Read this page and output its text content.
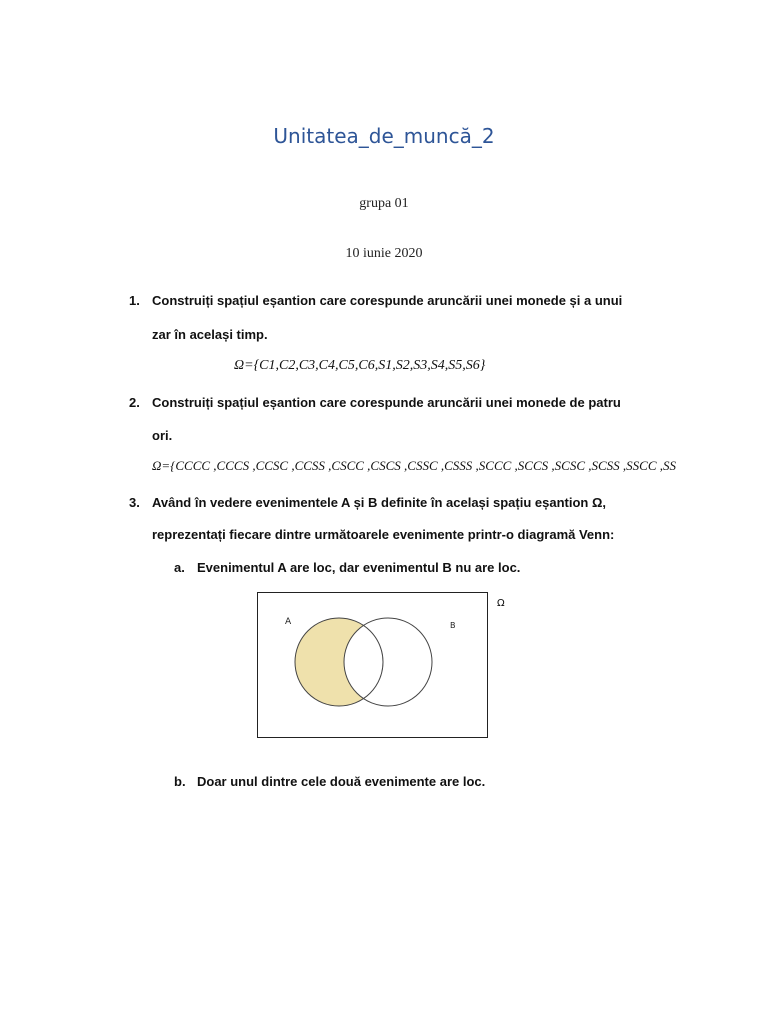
Unitatea_de_muncă_2
grupa 01
10 iunie 2020
1. Construiți spațiul eșantion care corespunde aruncării unei monede și a unui
zar în același timp.
Ω={C1,C2,C3,C4,C5,C6,S1,S2,S3,S4,S5,S6}
2. Construiți spațiul eșantion care corespunde aruncării unei monede de patru
ori.
Ω={CCCC ,CCCS ,CCSC ,CCSS ,CSCC ,CSCS ,CSSC ,CSSS ,SCCC ,SCCS ,SCSC ,SCSS ,SSCC ,SS
3. Având în vedere evenimentele A și B definite în același spațiu eșantion Ω,
reprezentați fiecare dintre următoarele evenimente printr-o diagramă Venn:
a. Evenimentul A are loc, dar evenimentul B nu are loc.
A	B
Ω
b. Doar unul dintre cele două evenimente are loc.
